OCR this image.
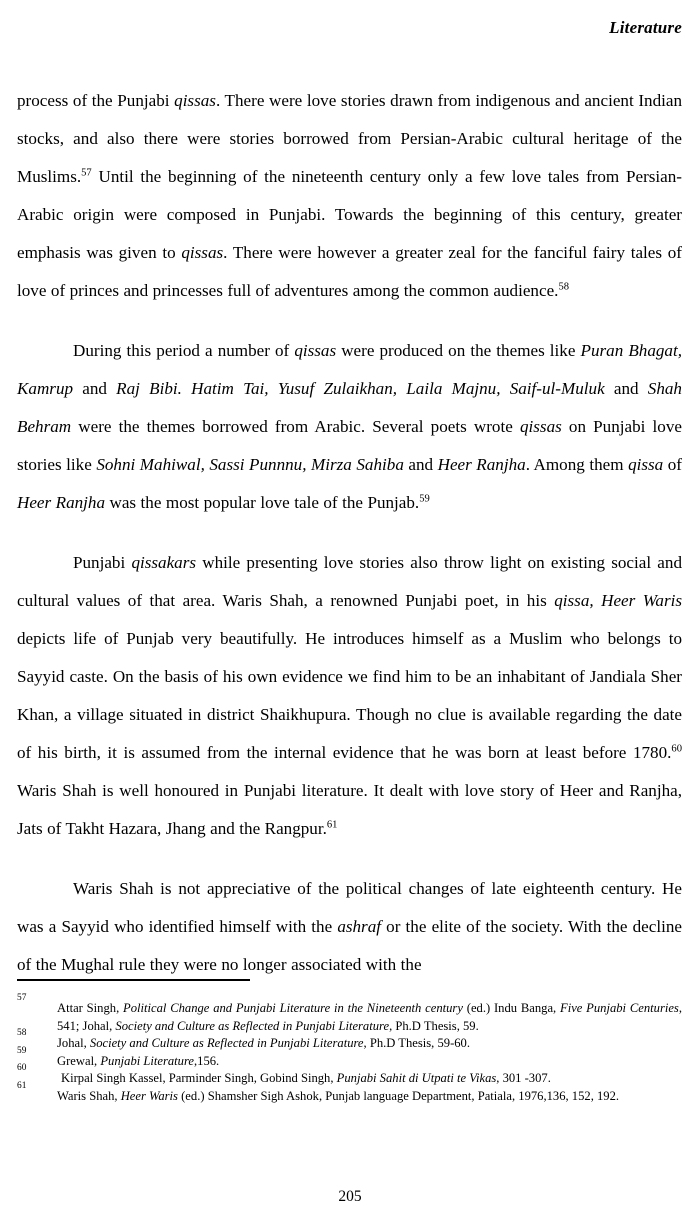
Literature

process of the Punjabi qissas. There were love stories drawn from indigenous and ancient Indian stocks, and also there were stories borrowed from Persian-Arabic cultural heritage of the Muslims.$^{57}$ Until the beginning of the nineteenth century only a few love tales from Persian-Arabic origin were composed in Punjabi. Towards the beginning of this century, greater emphasis was given to qissas. There were however a greater zeal for the fanciful fairy tales of love of princes and princesses full of adventures among the common audience.$^{58}$

During this period a number of qissas were produced on the themes like Puran Bhagat, Kamrup and Raj Bibi. Hatim Tai, Yusuf Zulaikhan, Laila Majnu, Saif-ul-Muluk and Shah Behram were the themes borrowed from Arabic. Several poets wrote qissas on Punjabi love stories like Sohni Mahiwal, Sassi Punnnu, Mirza Sahiba and Heer Ranjha. Among them qissa of Heer Ranjha was the most popular love tale of the Punjab.$^{59}$

Punjabi qissakars while presenting love stories also throw light on existing social and cultural values of that area. Waris Shah, a renowned Punjabi poet, in his qissa, Heer Waris depicts life of Punjab very beautifully. He introduces himself as a Muslim who belongs to Sayyid caste. On the basis of his own evidence we find him to be an inhabitant of Jandiala Sher Khan, a village situated in district Shaikhupura. Though no clue is available regarding the date of his birth, it is assumed from the internal evidence that he was born at least before 1780.60 Waris Shah is well honoured in Punjabi literature. It dealt with love story of Heer and Ranjha, Jats of Takht Hazara, Jhang and the Rangpur.$^{61}$

Waris Shah is not appreciative of the political changes of late eighteenth century. He was a Sayyid who identified himself with the ashraf or the elite of the society. With the decline of the Mughal rule they were no longer associated with the

57
Attar Singh, Political Change and Punjabi Literature in the Nineteenth century (ed.) Indu Banga, Five Punjabi Centuries, 541; Johal, Society and Culture as Reflected in Punjabi Literature, Ph.D Thesis, 59.
58
Johal, Society and Culture as Reflected in Punjabi Literature, Ph.D Thesis, 59-60.
59
Grewal, Punjabi Literature,156.
60
Kirpal Singh Kassel, Parminder Singh, Gobind Singh, Punjabi Sahit di Utpati te Vikas, 301 -307.
61
Waris Shah, Heer Waris (ed.) Shamsher Sigh Ashok, Punjab language Department, Patiala, 1976,136, 152, 192.
205
